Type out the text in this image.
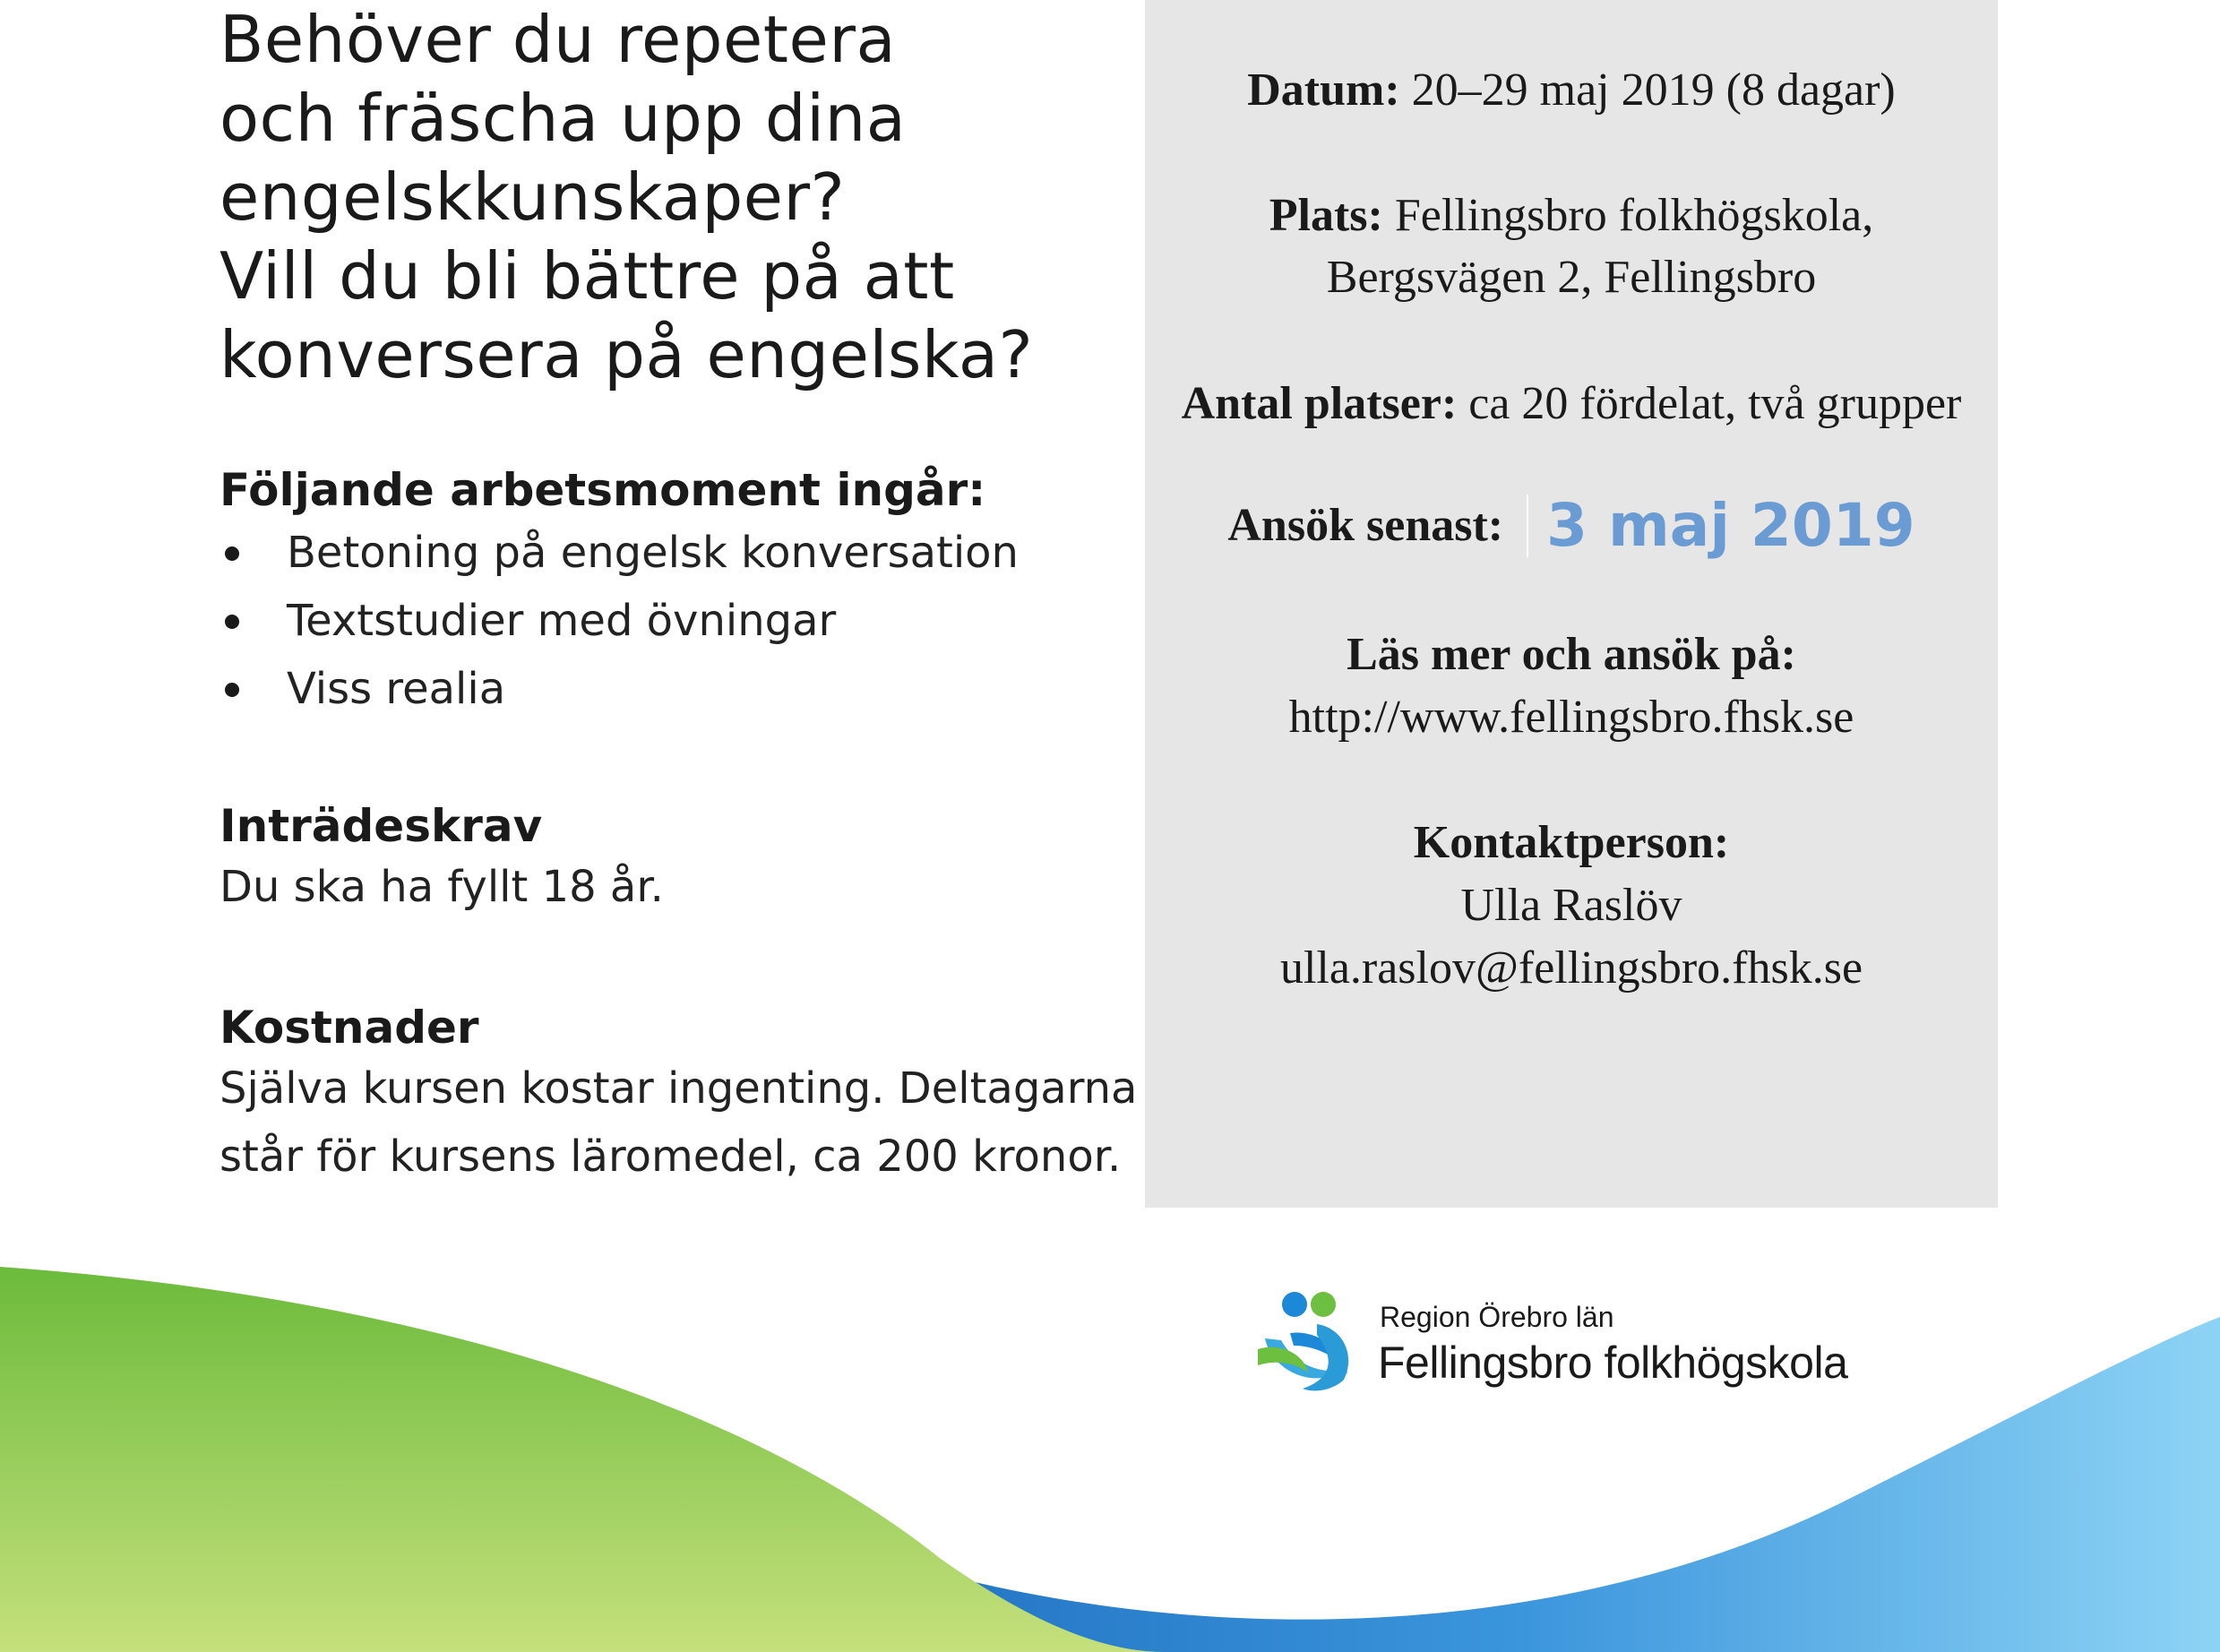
Behöver du repetera
och fräscha upp dina
engelskkunskaper?
Vill du bli bättre på att
konversera på engelska?
Följande arbetsmoment ingår:
Betoning på engelsk konversation
Textstudier med övningar
Viss realia
Inträdeskrav

Du ska ha fyllt 18 år.

Kostnader

Själva kursen kostar ingenting. Deltagarna
står för kursens läromedel, ca 200 kronor.

Datum: 20–29 maj 2019 (8 dagar)
Plats: Fellingsbro folkhögskola,
Bergsvägen 2, Fellingsbro
Antal platser: ca 20 fördelat, två grupper
Ansök senast: 3 maj 2019
Läs mer och ansök på:
http://www.fellingsbro.fhsk.se
Kontaktperson:
Ulla Raslöv
ulla.raslov@fellingsbro.fhsk.se
Region Örebro län
Fellingsbro folkhögskola
